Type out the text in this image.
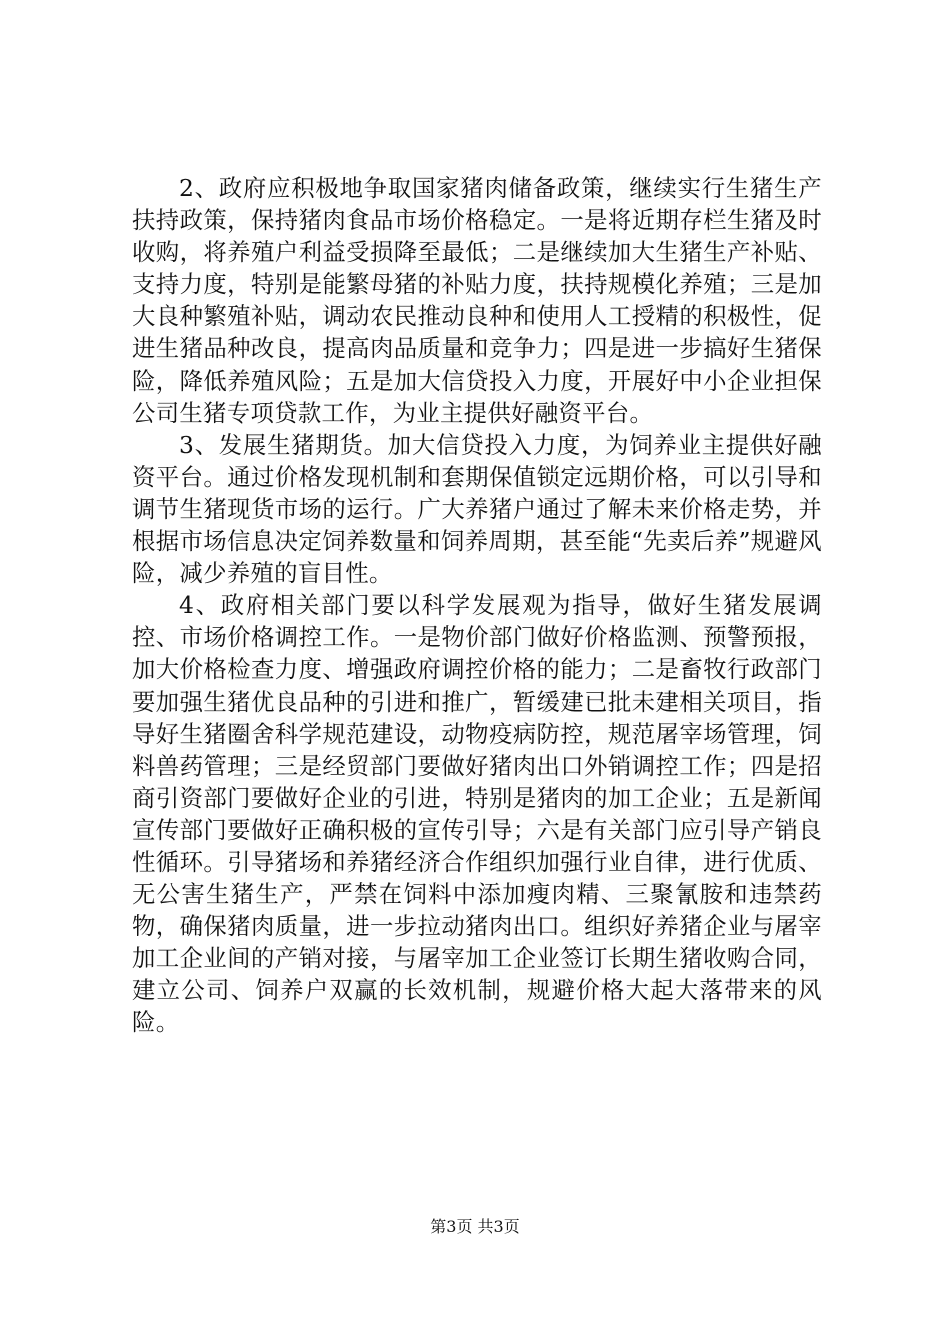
2、政府应积极地争取国家猪肉储备政策，继续实行生猪生产扶持政策，保持猪肉食品市场价格稳定。一是将近期存栏生猪及时收购，将养殖户利益受损降至最低；二是继续加大生猪生产补贴、支持力度，特别是能繁母猪的补贴力度，扶持规模化养殖；三是加大良种繁殖补贴，调动农民推动良种和使用人工授精的积极性，促进生猪品种改良，提高肉品质量和竞争力；四是进一步搞好生猪保险，降低养殖风险；五是加大信贷投入力度，开展好中小企业担保公司生猪专项贷款工作，为业主提供好融资平台。

3、发展生猪期货。加大信贷投入力度，为饲养业主提供好融资平台。通过价格发现机制和套期保值锁定远期价格，可以引导和调节生猪现货市场的运行。广大养猪户通过了解未来价格走势，并根据市场信息决定饲养数量和饲养周期，甚至能“先卖后养”规避风险，减少养殖的盲目性。

4、政府相关部门要以科学发展观为指导，做好生猪发展调控、市场价格调控工作。一是物价部门做好价格监测、预警预报，加大价格检查力度、增强政府调控价格的能力；二是畜牧行政部门要加强生猪优良品种的引进和推广，暂缓建已批未建相关项目，指导好生猪圈舍科学规范建设，动物疫病防控，规范屠宰场管理，饲料兽药管理；三是经贸部门要做好猪肉出口外销调控工作；四是招商引资部门要做好企业的引进，特别是猪肉的加工企业；五是新闻宣传部门要做好正确积极的宣传引导；六是有关部门应引导产销良性循环。引导猪场和养猪经济合作组织加强行业自律，进行优质、无公害生猪生产，严禁在饲料中添加瘦肉精、三聚氰胺和违禁药物，确保猪肉质量，进一步拉动猪肉出口。组织好养猪企业与屠宰加工企业间的产销对接，与屠宰加工企业签订长期生猪收购合同，建立公司、饲养户双赢的长效机制，规避价格大起大落带来的风险。

第3页 共3页
